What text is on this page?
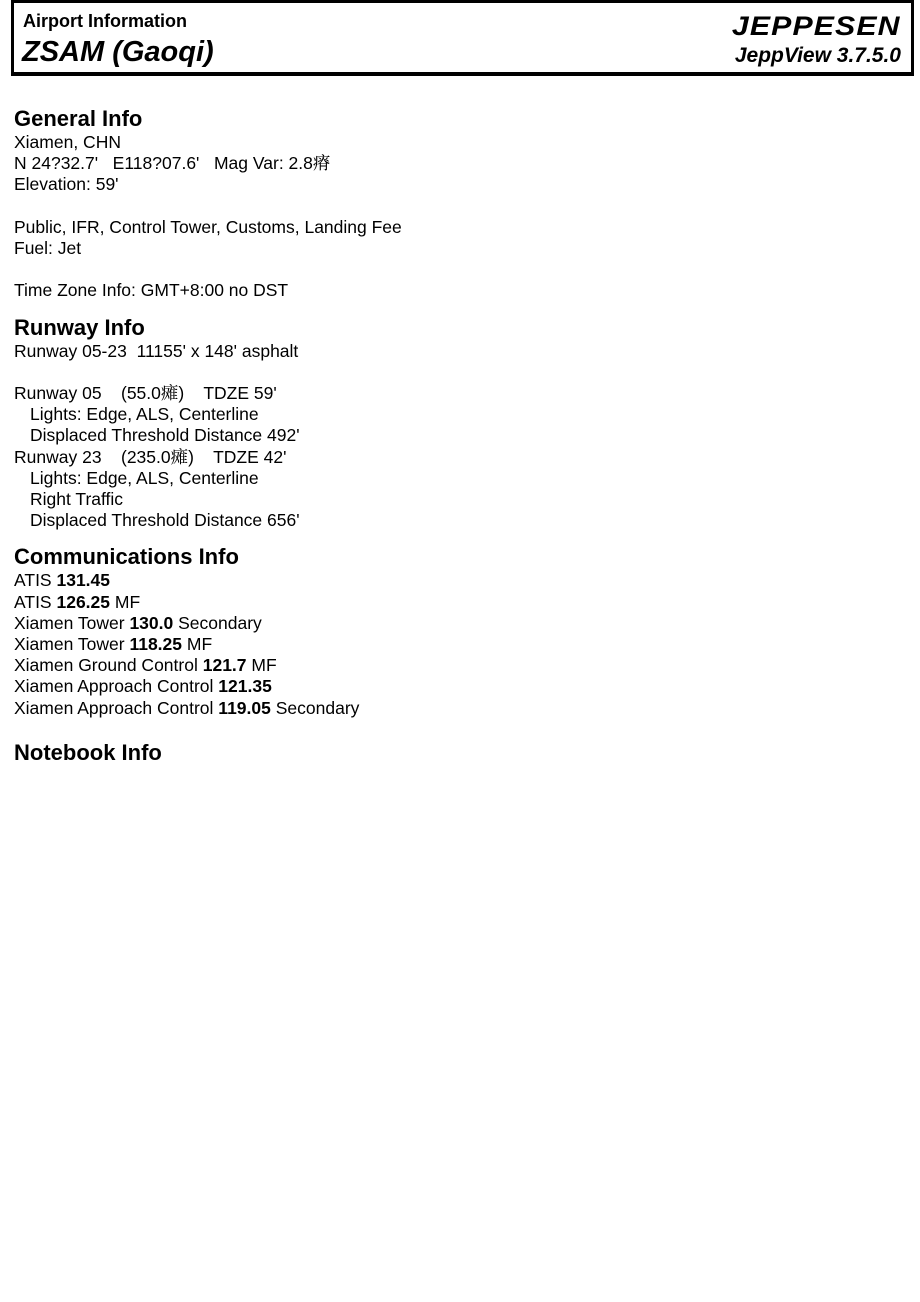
Airport Information
ZSAM (Gaoqi)
JEPPESEN
JeppView 3.7.5.0
General Info
Xiamen, CHN
N 24?32.7'   E118?07.6'   Mag Var: 2.8瘠
Elevation: 59'
Public, IFR, Control Tower, Customs, Landing Fee
Fuel: Jet
Time Zone Info: GMT+8:00 no DST
Runway Info
Runway 05-23  11155' x 148' asphalt
Runway 05    (55.0瘫)    TDZE 59'
Lights: Edge, ALS, Centerline
Displaced Threshold Distance 492'
Runway 23    (235.0瘫)    TDZE 42'
Lights: Edge, ALS, Centerline
Right Traffic
Displaced Threshold Distance 656'
Communications Info
ATIS 131.45
ATIS 126.25 MF
Xiamen Tower 130.0 Secondary
Xiamen Tower 118.25 MF
Xiamen Ground Control 121.7 MF
Xiamen Approach Control 121.35
Xiamen Approach Control 119.05 Secondary
Notebook Info
